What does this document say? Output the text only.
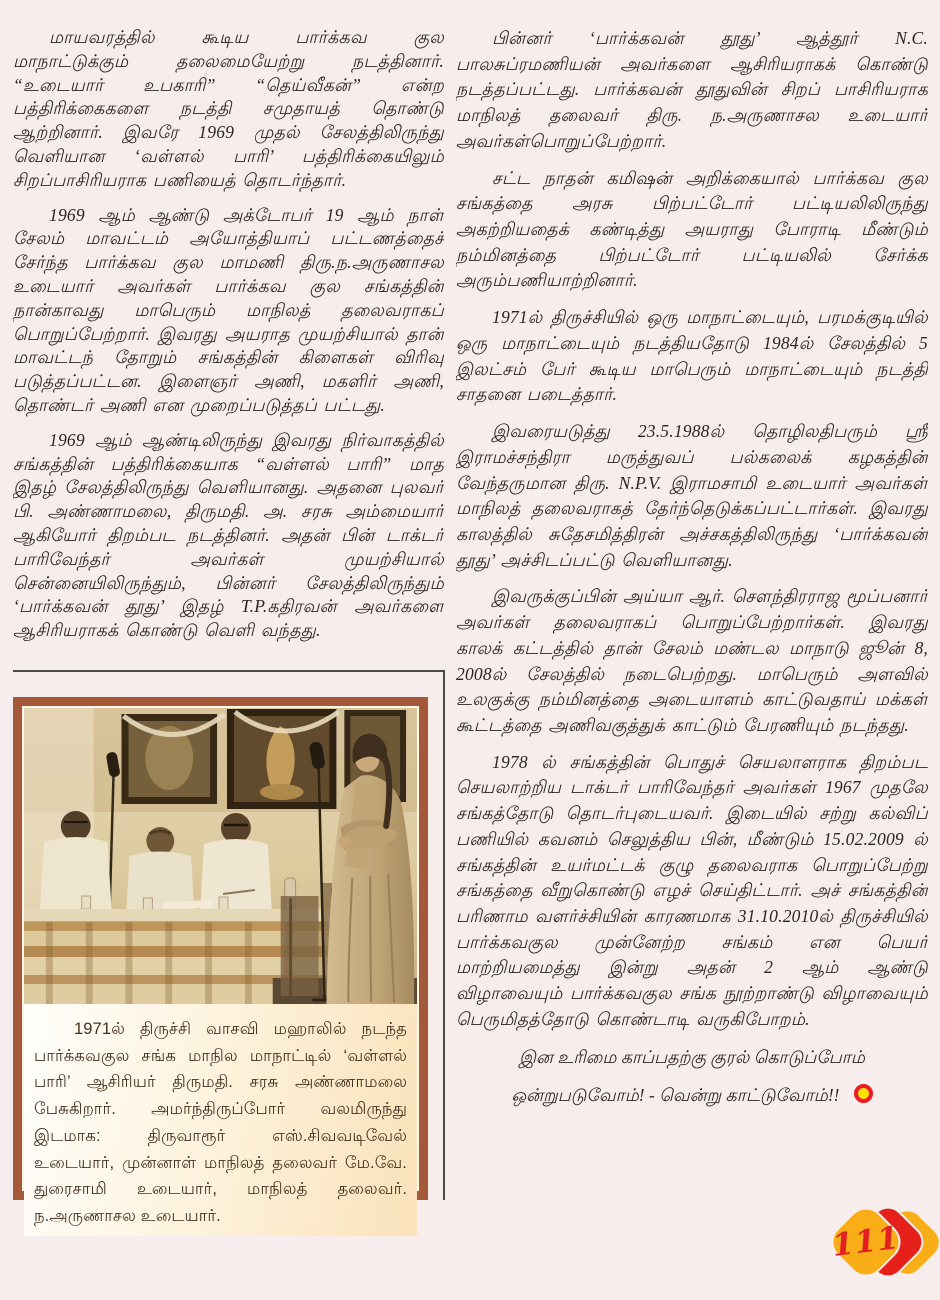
மாயவரத்தில் கூடிய பார்க்கவ குல மாநாட்டுக்கும் தலைமையேற்று நடத்தினார். “உடையார் உபகாரி” “தெய்வீகன்” என்ற பத்திரிக்கைகளை நடத்தி சமுதாயத் தொண்டு ஆற்றினார். இவரே 1969 முதல் சேலத்திலிருந்து வெளியான ‘வள்ளல் பாரி’ பத்திரிக்கையிலும் சிறப்பாசிரியராக பணியைத் தொடர்ந்தார்.

1969 ஆம் ஆண்டு அக்டோபர் 19 ஆம் நாள் சேலம் மாவட்டம் அயோத்தியாப் பட்டணத்தைச் சேர்ந்த பார்க்கவ குல மாமணி திரு.ந.அருணாசல உடையார் அவர்கள் பார்க்கவ குல சங்கத்தின் நான்காவது மாபெரும் மாநிலத் தலைவராகப் பொறுப்பேற்றார். இவரது அயராத முயற்சியால் தான் மாவட்டந் தோறும் சங்கத்தின் கிளைகள் விரிவு படுத்தப்பட்டன. இளைஞர் அணி, மகளிர் அணி, தொண்டர் அணி என முறைப்படுத்தப் பட்டது.

1969 ஆம் ஆண்டிலிருந்து இவரது நிர்வாகத்தில் சங்கத்தின் பத்திரிக்கையாக “வள்ளல் பாரி” மாத இதழ் சேலத்திலிருந்து வெளியானது. அதனை புலவர் பி. அண்ணாமலை, திருமதி. அ. சரசு அம்மையார் ஆகியோர் திறம்பட நடத்தினர். அதன் பின் டாக்டர் பாரிவேந்தர் அவர்கள் முயற்சியால் சென்னையிலிருந்தும், பின்னர் சேலத்திலிருந்தும் ‘பார்க்கவன் தூது’ இதழ் T.P.கதிரவன் அவர்களை ஆசிரியராகக் கொண்டு வெளி வந்தது.

பின்னர் ‘பார்க்கவன் தூது’ ஆத்தூர் N.C. பாலசுப்ரமணியன் அவர்களை ஆசிரியராகக் கொண்டு நடத்தப்பட்டது. பார்க்கவன் தூதுவின் சிறப் பாசிரியராக மாநிலத் தலைவர் திரு. ந.அருணாசல உடையார் அவர்கள்பொறுப்பேற்றார்.

சட்ட நாதன் கமிஷன் அறிக்கையால் பார்க்கவ குல சங்கத்தை அரசு பிற்பட்டோர் பட்டியலிலிருந்து அகற்றியதைக் கண்டித்து அயராது போராடி மீண்டும் நம்மினத்தை பிற்பட்டோர் பட்டியலில் சேர்க்க அரும்பணியாற்றினார்.

1971ல் திருச்சியில் ஒரு மாநாட்டையும், பரமக்குடியில் ஒரு மாநாட்டையும் நடத்தியதோடு 1984ல் சேலத்தில் 5 இலட்சம் பேர் கூடிய மாபெரும் மாநாட்டையும் நடத்தி சாதனை படைத்தார்.

இவரையடுத்து 23.5.1988ல் தொழிலதிபரும் ஸ்ரீ இராமச்சந்திரா மருத்துவப் பல்கலைக் கழகத்தின் வேந்தருமான திரு. N.P.V. இராமசாமி உடையார் அவர்கள் மாநிலத் தலைவராகத் தேர்ந்தெடுக்கப்பட்டார்கள். இவரது காலத்தில் சுதேசமித்திரன் அச்சகத்திலிருந்து ‘பார்க்கவன் தூது’ அச்சிடப்பட்டு வெளியானது.

இவருக்குப்பின் அய்யா ஆர். சௌந்திரராஜ மூப்பனார் அவர்கள் தலைவராகப் பொறுப்பேற்றார்கள். இவரது காலக் கட்டத்தில் தான் சேலம் மண்டல மாநாடு ஜூன் 8, 2008ல் சேலத்தில் நடைபெற்றது. மாபெரும் அளவில் உலகுக்கு நம்மினத்தை அடையாளம் காட்டுவதாய் மக்கள் கூட்டத்தை அணிவகுத்துக் காட்டும் பேரணியும் நடந்தது.

1978 ல் சங்கத்தின் பொதுச் செயலாளராக திறம்பட செயலாற்றிய டாக்டர் பாரிவேந்தர் அவர்கள் 1967 முதலே சங்கத்தோடு தொடர்புடையவர். இடையில் சற்று கல்விப் பணியில் கவனம் செலுத்திய பின், மீண்டும் 15.02.2009 ல் சங்கத்தின் உயர்மட்டக் குழு தலைவராக பொறுப்பேற்று சங்கத்தை வீறுகொண்டு எழச் செய்திட்டார். அச் சங்கத்தின் பரிணாம வளர்ச்சியின் காரணமாக 31.10.2010ல் திருச்சியில் பார்க்கவகுல முன்னேற்ற சங்கம் என பெயர் மாற்றியமைத்து இன்று அதன் 2 ஆம் ஆண்டு விழாவையும் பார்க்கவகுல சங்க நூற்றாண்டு விழாவையும் பெருமிதத்தோடு கொண்டாடி வருகிபோறம்.

இன உரிமை காப்பதற்கு குரல் கொடுப்போம்
ஒன்றுபடுவோம்! - வென்று காட்டுவோம்!!

1971ல் திருச்சி வாசவி மஹாலில் நடந்த பார்க்கவகுல சங்க மாநில மாநாட்டில் ‘வள்ளல் பாரி’ ஆசிரியர் திருமதி. சரசு அண்ணாமலை பேசுகிறார். அமர்ந்திருப்போர் வலமிருந்து இடமாக: திருவாரூர் எஸ்.சிவவடிவேல் உடையார், முன்னாள் மாநிலத் தலைவர் மே.வே. துரைசாமி உடையார், மாநிலத் தலைவர். ந.அருணாசல உடையார்.

111
